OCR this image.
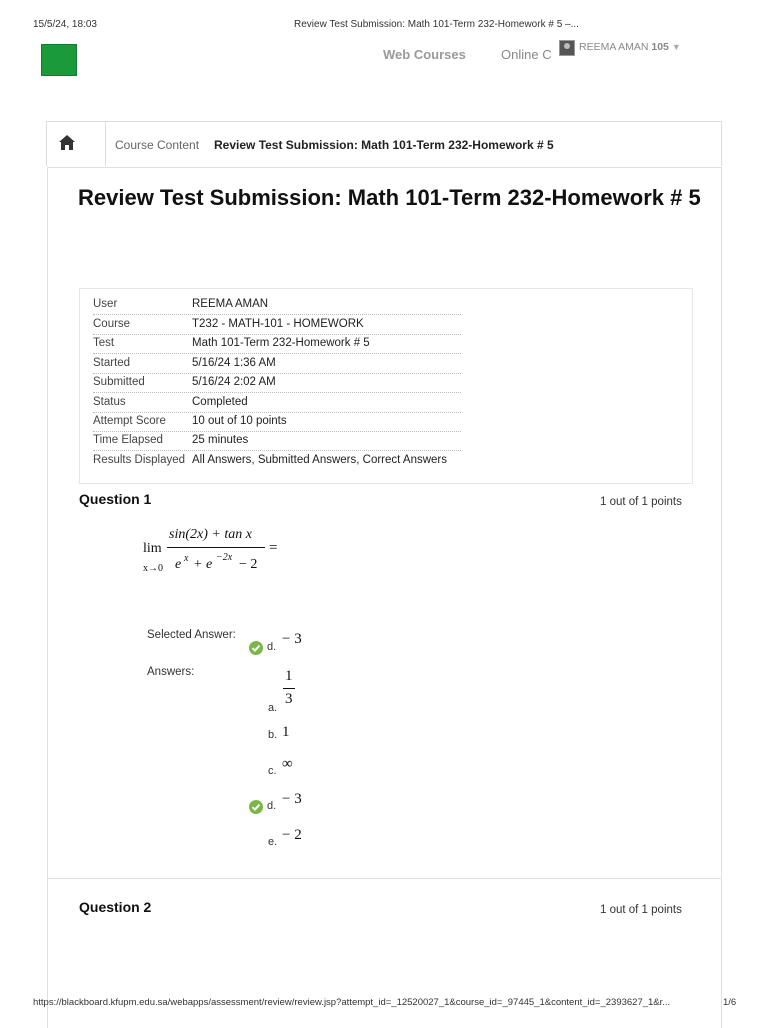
15/5/24, 18:03	Review Test Submission: Math 101-Term 232-Homework # 5 –...
Web Courses	Online C	REEMA AMAN 105 ▼
Course Content Review Test Submission: Math 101-Term 232-Homework # 5
Review Test Submission: Math 101-Term 232-Homework # 5
User	REEMA AMAN
Course	T232 - MATH-101 - HOMEWORK
Test	Math 101-Term 232-Homework # 5
Started	5/16/24 1:36 AM
Submitted	5/16/24 2:02 AM
Status	Completed
Attempt Score 10 out of 10 points
Time Elapsed	25 minutes
Results Displayed All Answers, Submitted Answers, Correct Answers
Question 1	1 out of 1 points
lim
x→0
sin(2x) + tan x
e x + e −2x − 2
=
Selected Answer:
d. − 3
Answers:
a.
1
3
b. 1
c. ∞
d. − 3
e. − 2
Question 2	1 out of 1 points
https://blackboard.kfupm.edu.sa/webapps/assessment/review/review.jsp?attempt_id=_12520027_1&course_id=_97445_1&content_id=_2393627_1&r...	1/6
